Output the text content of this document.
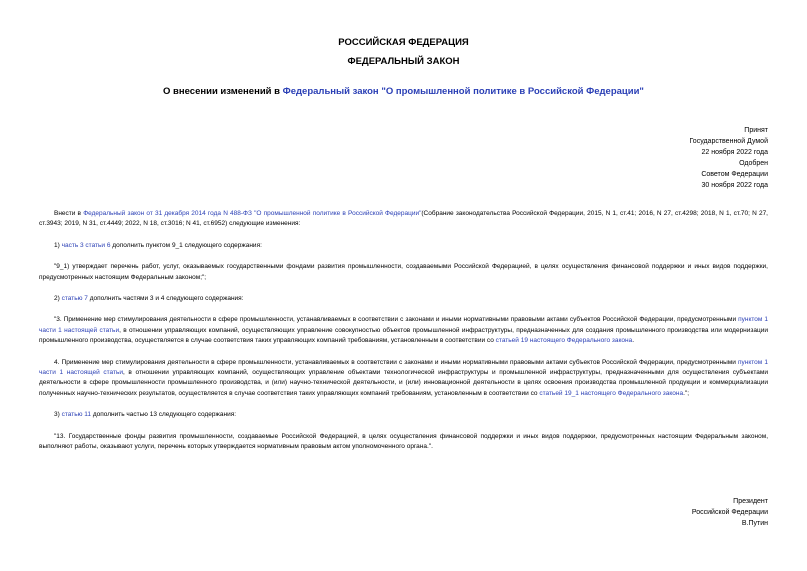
РОССИЙСКАЯ ФЕДЕРАЦИЯ
ФЕДЕРАЛЬНЫЙ ЗАКОН
О внесении изменений в Федеральный закон "О промышленной политике в Российской Федерации"
Принят
Государственной Думой
22 ноября 2022 года
Одобрен
Советом Федерации
30 ноября 2022 года

Внести в Федеральный закон от 31 декабря 2014 года N 488-ФЗ "О промышленной политике в Российской Федерации"(Собрание законодательства Российской Федерации, 2015, N 1, ст.41; 2016, N 27, ст.4298; 2018, N 1, ст.70; N 27, ст.3943; 2019, N 31, ст.4449; 2022, N 18, ст.3016; N 41, ст.6952) следующие изменения:

1) часть 3 статьи 6 дополнить пунктом 9_1 следующего содержания:

"9_1) утверждает перечень работ, услуг, оказываемых государственными фондами развития промышленности, создаваемыми Российской Федерацией, в целях осуществления финансовой поддержки и иных видов поддержки, предусмотренных настоящим Федеральным законом;";

2) статью 7 дополнить частями 3 и 4 следующего содержания:

"3. Применение мер стимулирования деятельности в сфере промышленности, устанавливаемых в соответствии с законами и иными нормативными правовыми актами субъектов Российской Федерации, предусмотренными пунктом 1 части 1 настоящей статьи, в отношении управляющих компаний, осуществляющих управление совокупностью объектов промышленной инфраструктуры, предназначенных для создания промышленного производства или модернизации промышленного производства, осуществляется в случае соответствия таких управляющих компаний требованиям, установленным в соответствии со статьей 19 настоящего Федерального закона.

4. Применение мер стимулирования деятельности в сфере промышленности, устанавливаемых в соответствии с законами и иными нормативными правовыми актами субъектов Российской Федерации, предусмотренными пунктом 1 части 1 настоящей статьи, в отношении управляющих компаний, осуществляющих управление объектами технологической инфраструктуры и промышленной инфраструктуры, предназначенными для осуществления субъектами деятельности в сфере промышленности промышленного производства, и (или) научно-технической деятельности, и (или) инновационной деятельности в целях освоения производства промышленной продукции и коммерциализации полученных научно-технических результатов, осуществляется в случае соответствия таких управляющих компаний требованиям, установленным в соответствии со статьей 19_1 настоящего Федерального закона.";

3) статью 11 дополнить частью 13 следующего содержания:

"13. Государственные фонды развития промышленности, создаваемые Российской Федерацией, в целях осуществления финансовой поддержки и иных видов поддержки, предусмотренных настоящим Федеральным законом, выполняют работы, оказывают услуги, перечень которых утверждается нормативным правовым актом уполномоченного органа.".

Президент
Российской Федерации
В.Путин
